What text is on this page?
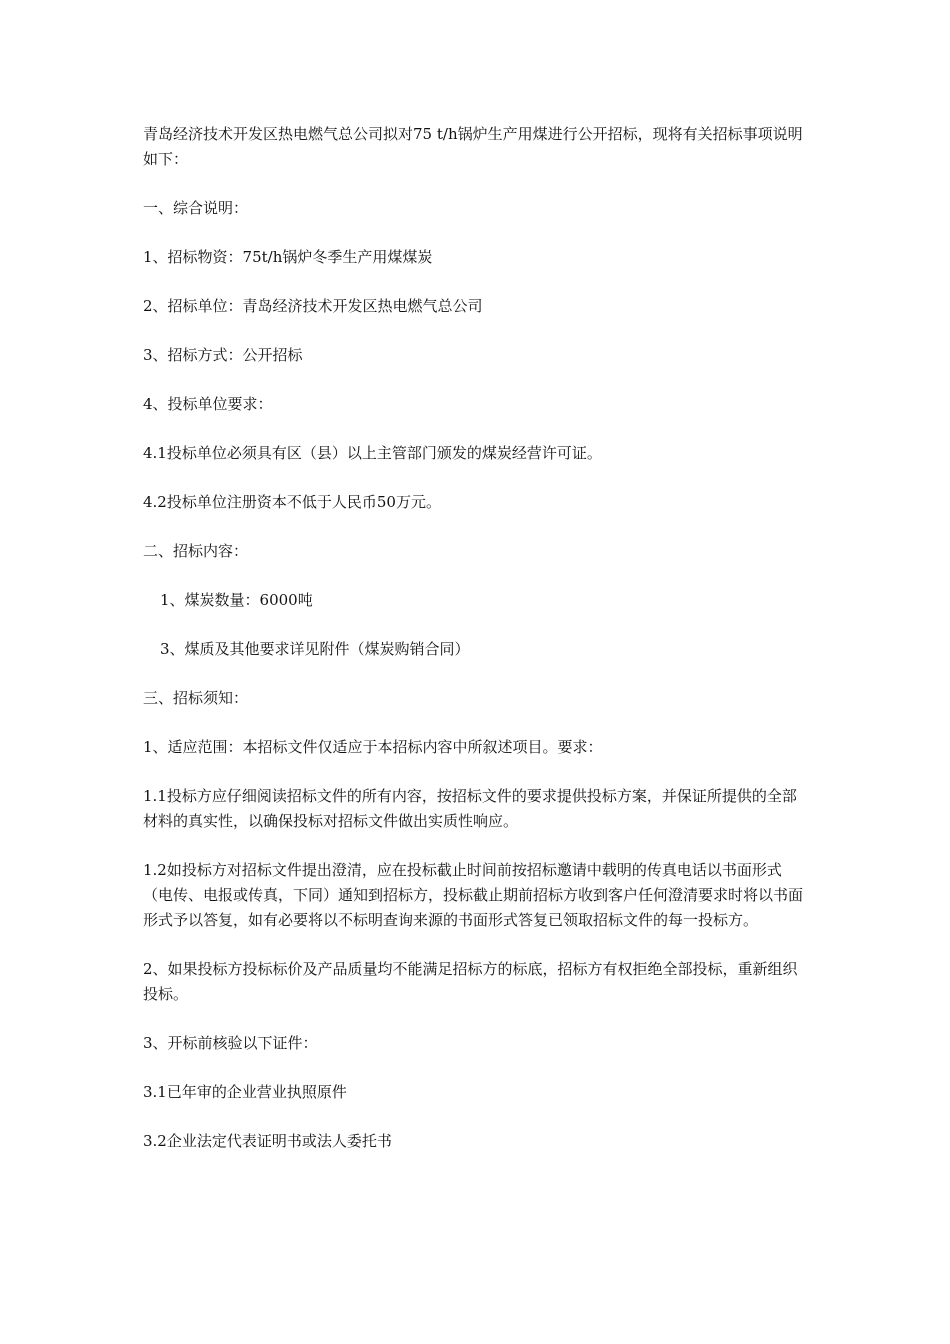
青岛经济技术开发区热电燃气总公司拟对75 t/h锅炉生产用煤进行公开招标，现将有关招标事项说明如下：

一、综合说明：

1、招标物资：75t/h锅炉冬季生产用煤煤炭

2、招标单位：青岛经济技术开发区热电燃气总公司

3、招标方式：公开招标

4、投标单位要求：

4.1投标单位必须具有区（县）以上主管部门颁发的煤炭经营许可证。

4.2投标单位注册资本不低于人民币50万元。

二、招标内容：

1、煤炭数量：6000吨

3、煤质及其他要求详见附件（煤炭购销合同）

三、招标须知：

1、适应范围：本招标文件仅适应于本招标内容中所叙述项目。要求：

1.1投标方应仔细阅读招标文件的所有内容，按招标文件的要求提供投标方案，并保证所提供的全部材料的真实性，以确保投标对招标文件做出实质性响应。

1.2如投标方对招标文件提出澄清，应在投标截止时间前按招标邀请中载明的传真电话以书面形式（电传、电报或传真，下同）通知到招标方，投标截止期前招标方收到客户任何澄清要求时将以书面形式予以答复，如有必要将以不标明查询来源的书面形式答复已领取招标文件的每一投标方。

2、如果投标方投标标价及产品质量均不能满足招标方的标底，招标方有权拒绝全部投标，重新组织投标。

3、开标前核验以下证件：

3.1已年审的企业营业执照原件

3.2企业法定代表证明书或法人委托书
